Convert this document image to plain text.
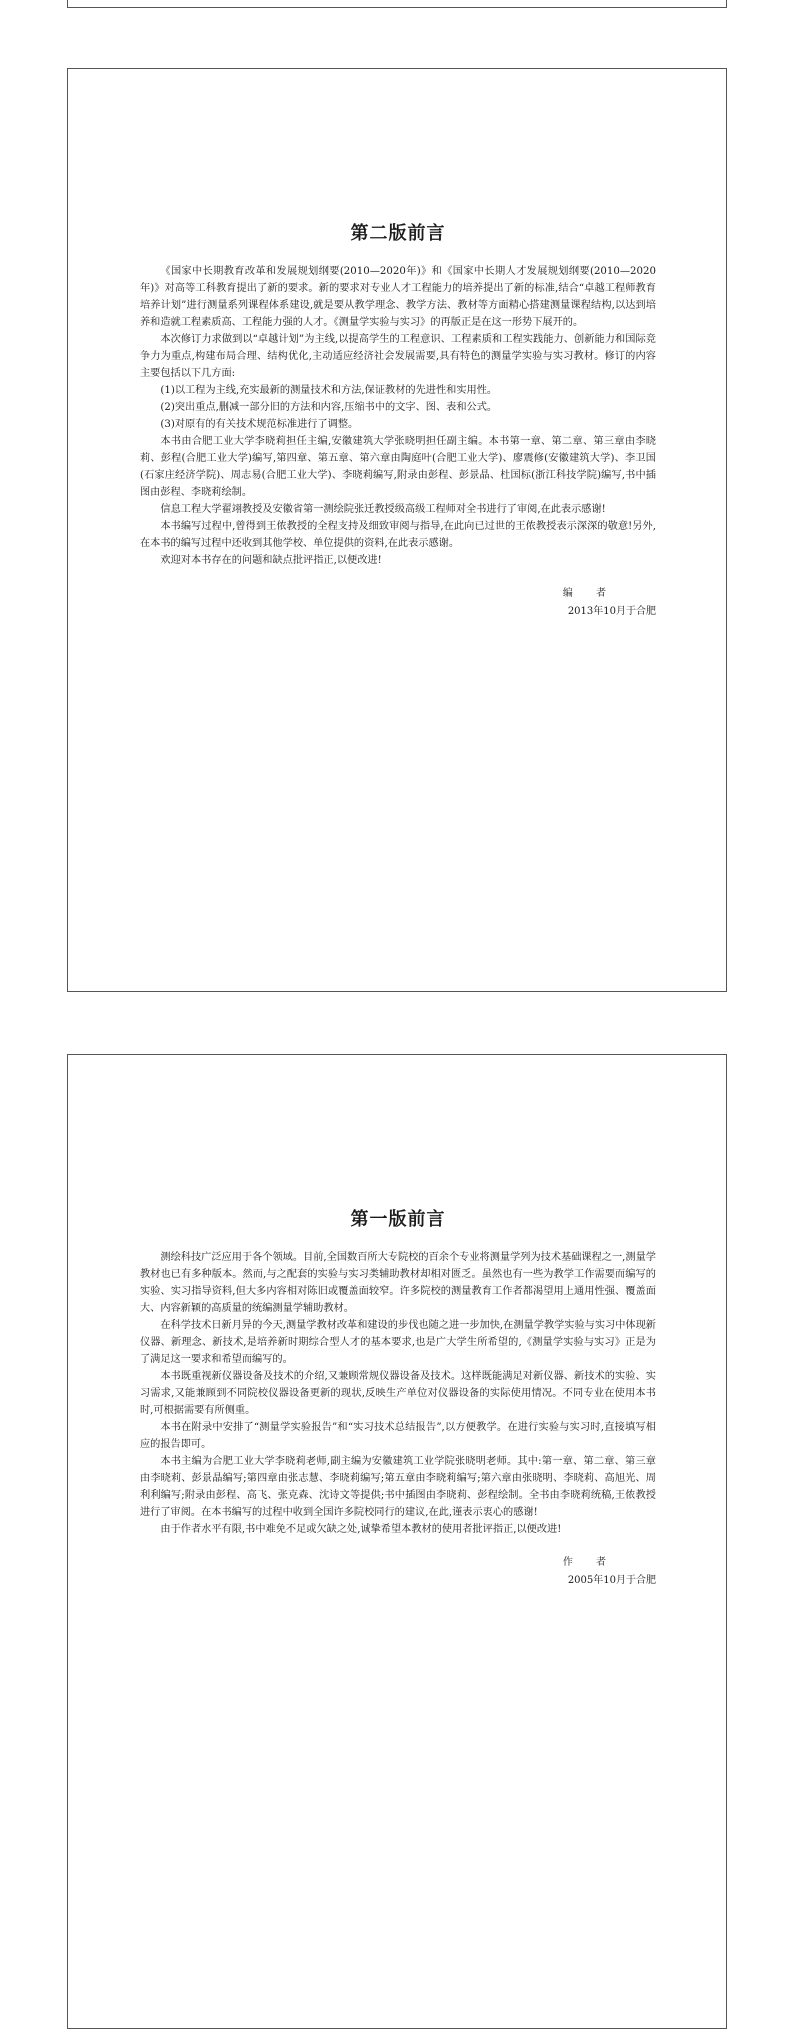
第二版前言

《国家中长期教育改革和发展规划纲要(2010—2020年)》和《国家中长期人才发展规划纲要(2010—2020年)》对高等工科教育提出了新的要求。新的要求对专业人才工程能力的培养提出了新的标准,结合“卓越工程师教育培养计划”进行测量系列课程体系建设,就是要从教学理念、教学方法、教材等方面精心搭建测量课程结构,以达到培养和造就工程素质高、工程能力强的人才。《测量学实验与实习》的再版正是在这一形势下展开的。

本次修订力求做到以“卓越计划”为主线,以提高学生的工程意识、工程素质和工程实践能力、创新能力和国际竞争力为重点,构建布局合理、结构优化,主动适应经济社会发展需要,具有特色的测量学实验与实习教材。修订的内容主要包括以下几方面:

(1)以工程为主线,充实最新的测量技术和方法,保证教材的先进性和实用性。

(2)突出重点,删减一部分旧的方法和内容,压缩书中的文字、图、表和公式。

(3)对原有的有关技术规范标准进行了调整。

本书由合肥工业大学李晓莉担任主编,安徽建筑大学张晓明担任副主编。本书第一章、第二章、第三章由李晓莉、彭程(合肥工业大学)编写,第四章、第五章、第六章由陶庭叶(合肥工业大学)、廖震修(安徽建筑大学)、李卫国(石家庄经济学院)、周志易(合肥工业大学)、李晓莉编写,附录由彭程、彭景晶、杜国标(浙江科技学院)编写,书中插图由彭程、李晓莉绘制。

信息工程大学翟翊教授及安徽省第一测绘院张迁教授级高级工程师对全书进行了审阅,在此表示感谢!

本书编写过程中,曾得到王侬教授的全程支持及细致审阅与指导,在此向已过世的王侬教授表示深深的敬意!另外,在本书的编写过程中还收到其他学校、单位提供的资料,在此表示感谢。

欢迎对本书存在的问题和缺点批评指正,以便改进!

编 者
2013年10月于合肥
第一版前言

测绘科技广泛应用于各个领域。目前,全国数百所大专院校的百余个专业将测量学列为技术基础课程之一,测量学教材也已有多种版本。然而,与之配套的实验与实习类辅助教材却相对匮乏。虽然也有一些为教学工作需要而编写的实验、实习指导资料,但大多内容相对陈旧或覆盖面较窄。许多院校的测量教育工作者都渴望用上通用性强、覆盖面大、内容新颖的高质量的统编测量学辅助教材。

在科学技术日新月异的今天,测量学教材改革和建设的步伐也随之进一步加快,在测量学教学实验与实习中体现新仪器、新理念、新技术,是培养新时期综合型人才的基本要求,也是广大学生所希望的,《测量学实验与实习》正是为了满足这一要求和希望而编写的。

本书既重视新仪器设备及技术的介绍,又兼顾常规仪器设备及技术。这样既能满足对新仪器、新技术的实验、实习需求,又能兼顾到不同院校仪器设备更新的现状,反映生产单位对仪器设备的实际使用情况。不同专业在使用本书时,可根据需要有所侧重。

本书在附录中安排了“测量学实验报告”和“实习技术总结报告”,以方便教学。在进行实验与实习时,直接填写相应的报告即可。

本书主编为合肥工业大学李晓莉老师,副主编为安徽建筑工业学院张晓明老师。其中:第一章、第二章、第三章由李晓莉、彭景晶编写;第四章由张志慧、李晓莉编写;第五章由李晓莉编写;第六章由张晓明、李晓莉、高旭光、周利利编写;附录由彭程、高飞、张克森、沈诗文等提供;书中插图由李晓莉、彭程绘制。全书由李晓莉统稿,王侬教授进行了审阅。在本书编写的过程中收到全国许多院校同行的建议,在此,谨表示衷心的感谢!

由于作者水平有限,书中难免不足或欠缺之处,诚挚希望本教材的使用者批评指正,以便改进!

作 者
2005年10月于合肥
